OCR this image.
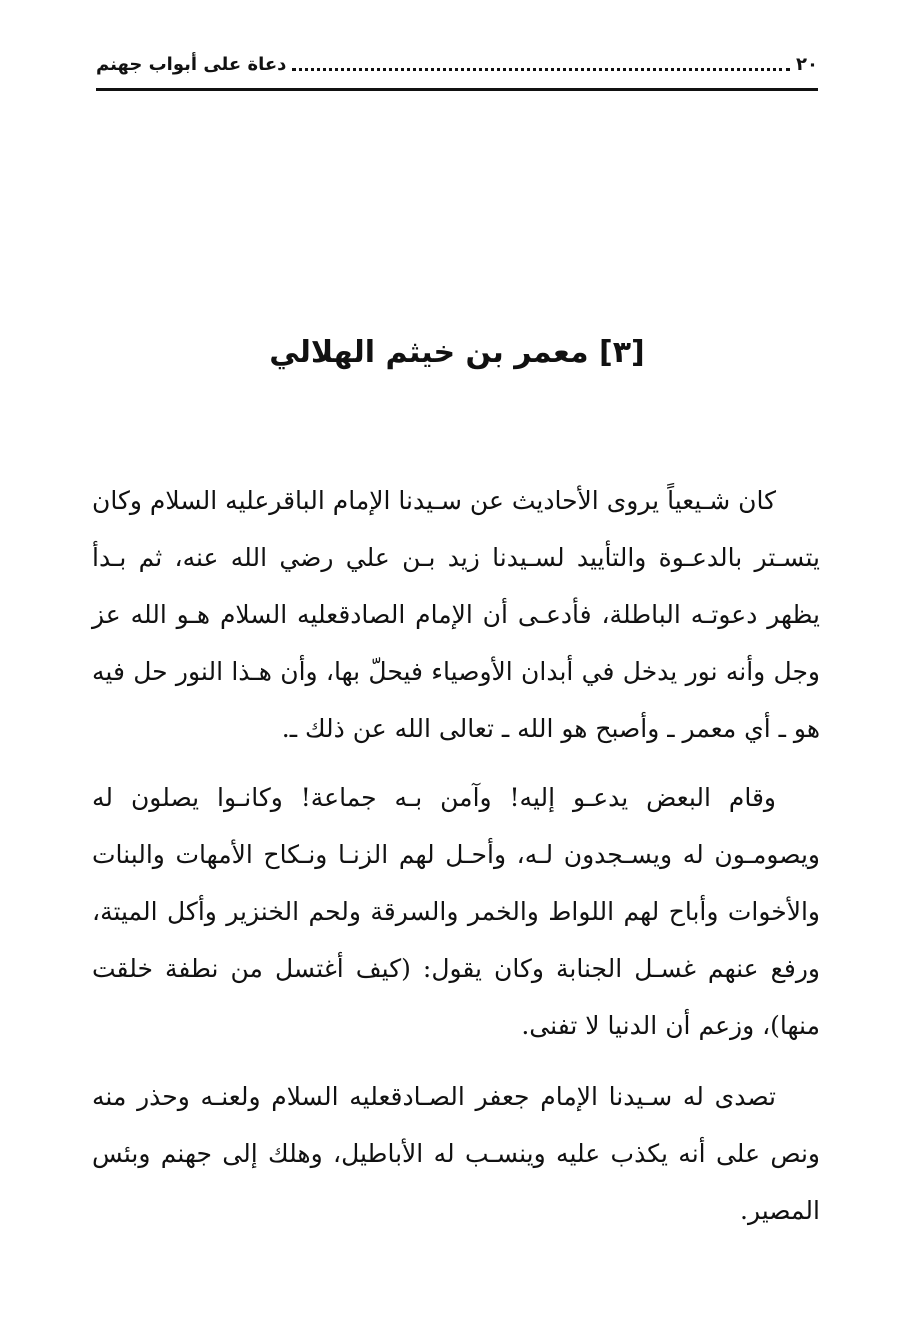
٢٠
دعاة على أبواب جهنم
[٣] معمر بن خيثم الهلالي

كان شـيعياً يروى الأحاديث عن سـيدنا الإمام الباقرعليه السلام وكان يتسـتر بالدعـوة والتأييد لسـيدنا زيد بـن علي رضي الله عنه، ثم بـدأ يظهر دعوتـه الباطلة، فأدعـى أن الإمام الصادقعليه السلام هـو الله عز وجل وأنه نور يدخل في أبدان الأوصياء فيحلّ بها، وأن هـذا النور حل فيه هو ـ أي معمر ـ وأصبح هو الله ـ تعالى الله عن ذلك ـ.

وقام البعض يدعـو إليه! وآمن بـه جماعة! وكانـوا يصلون له ويصومـون له ويسـجدون لـه، وأحـل لهم الزنـا ونـكاح الأمهات والبنات والأخوات وأباح لهم اللواط والخمر والسرقة ولحم الخنزير وأكل الميتة، ورفع عنهم غسـل الجنابة وكان يقول: (كيف أغتسل من نطفة خلقت منها)، وزعم أن الدنيا لا تفنى.

تصدى له سـيدنا الإمام جعفر الصـادقعليه السلام ولعنـه وحذر منه ونص على أنه يكذب عليه وينسـب له الأباطيل، وهلك إلى جهنم وبئس المصير.
